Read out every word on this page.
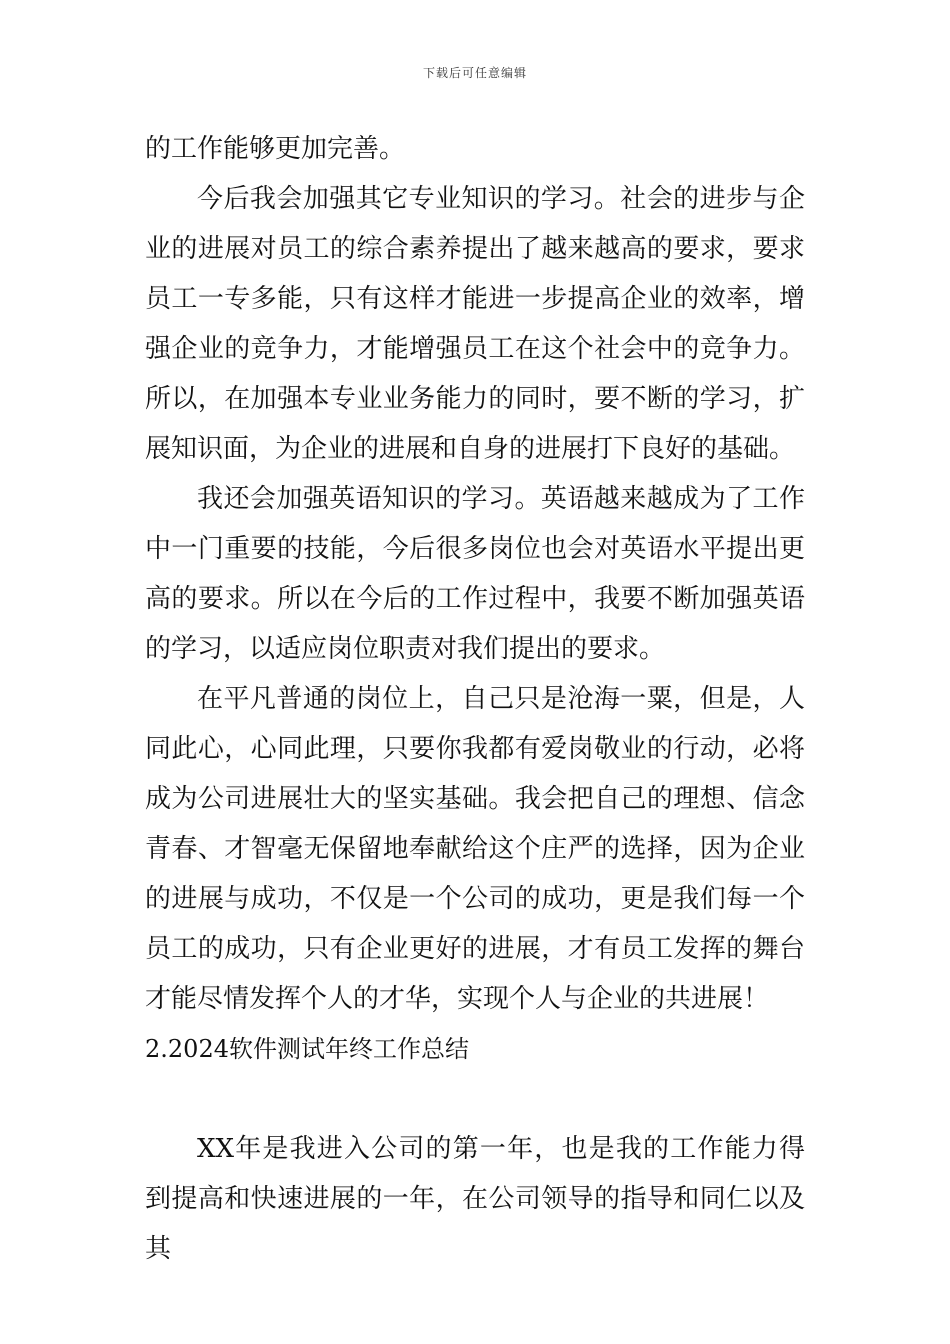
下载后可任意编辑

的工作能够更加完善。

今后我会加强其它专业知识的学习。社会的进步与企业的进展对员工的综合素养提出了越来越高的要求，要求员工一专多能，只有这样才能进一步提高企业的效率，增强企业的竞争力，才能增强员工在这个社会中的竞争力。所以，在加强本专业业务能力的同时，要不断的学习，扩展知识面，为企业的进展和自身的进展打下良好的基础。

我还会加强英语知识的学习。英语越来越成为了工作中一门重要的技能，今后很多岗位也会对英语水平提出更高的要求。所以在今后的工作过程中，我要不断加强英语的学习，以适应岗位职责对我们提出的要求。

在平凡普通的岗位上，自己只是沧海一粟，但是，人同此心，心同此理，只要你我都有爱岗敬业的行动，必将成为公司进展壮大的坚实基础。我会把自己的理想、信念青春、才智毫无保留地奉献给这个庄严的选择，因为企业的进展与成功，不仅是一个公司的成功，更是我们每一个员工的成功，只有企业更好的进展，才有员工发挥的舞台才能尽情发挥个人的才华，实现个人与企业的共进展！

2.2024软件测试年终工作总结

XX年是我进入公司的第一年，也是我的工作能力得到提高和快速进展的一年，在公司领导的指导和同仁以及其
